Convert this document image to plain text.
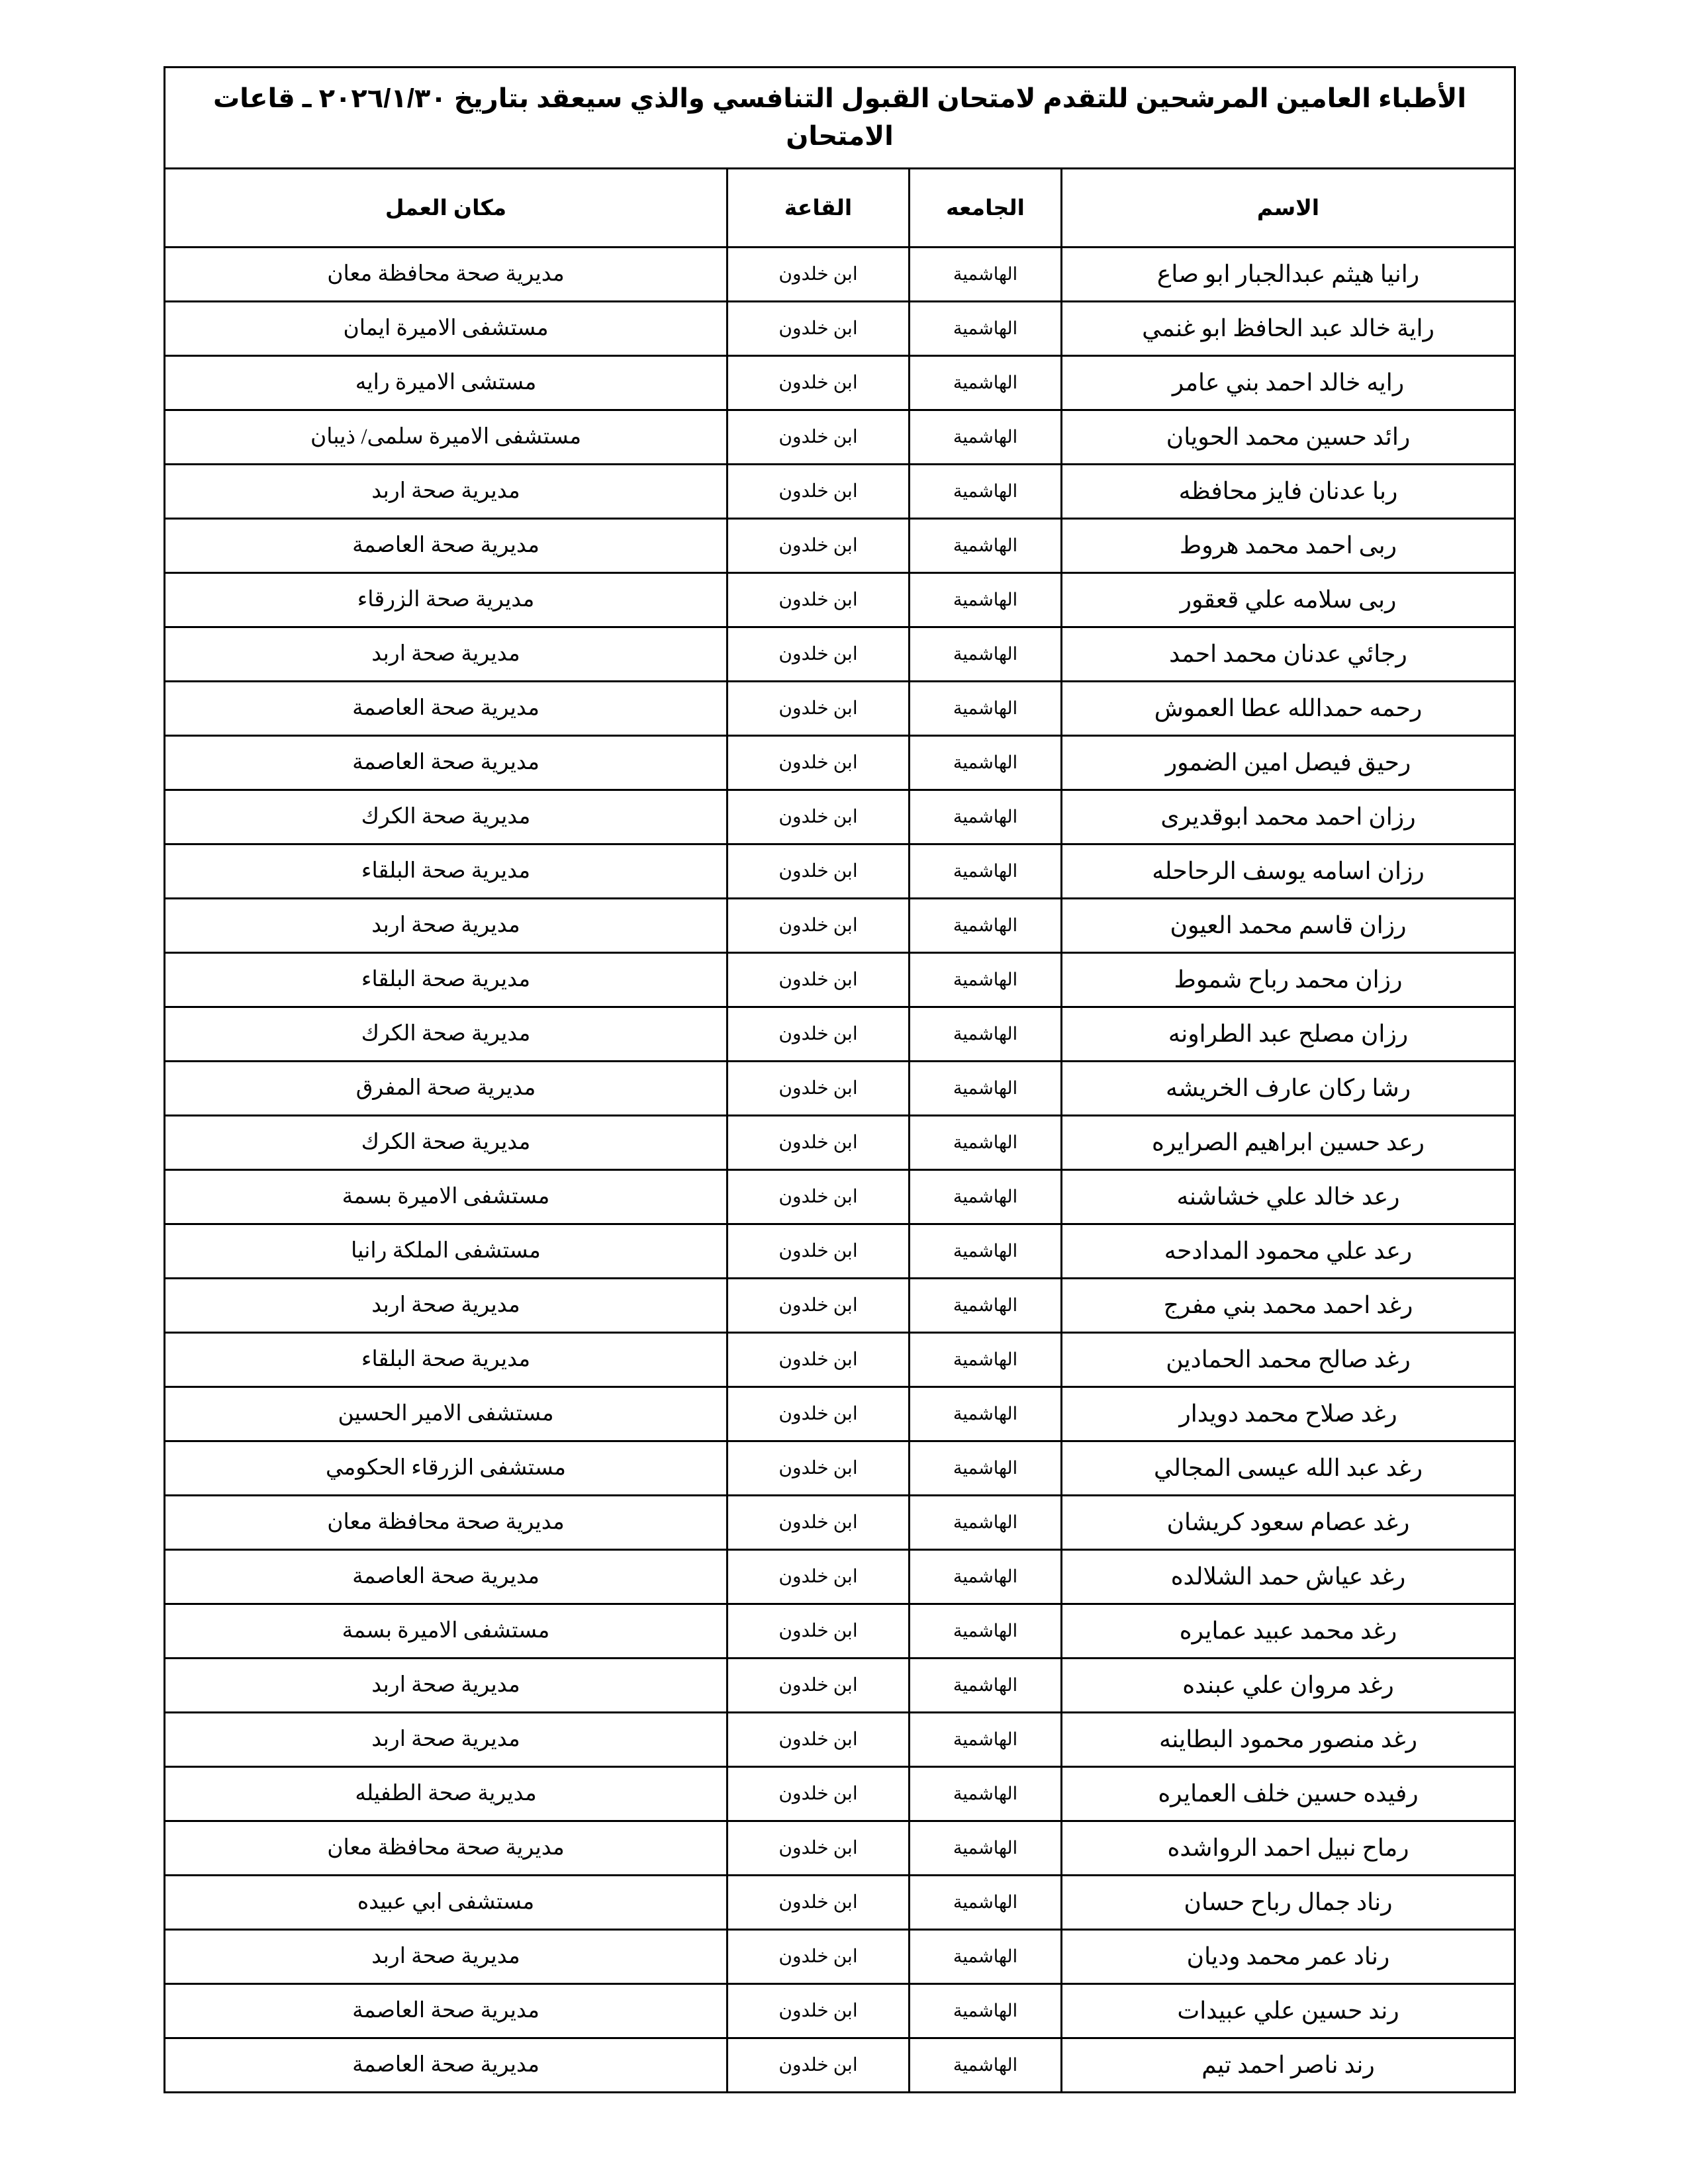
الأطباء العامين المرشحين للتقدم لامتحان القبول التنافسي والذي سيعقد بتاريخ ٢٠٢٦/١/٣٠ ـ قاعات الامتحان			

الاسم	الجامعه	القاعة	مكان العمل

رانيا هيثم عبدالجبار ابو صاع	الهاشمية	ابن خلدون	مديرية صحة محافظة معان

راية خالد عبد الحافظ ابو غنمي	الهاشمية	ابن خلدون	مستشفى الاميرة ايمان

رايه خالد احمد بني عامر	الهاشمية	ابن خلدون	مستشى الاميرة رايه

رائد حسين محمد الحويان	الهاشمية	ابن خلدون	مستشفى الاميرة سلمى/ ذيبان

ربا عدنان فايز محافظه	الهاشمية	ابن خلدون	مديرية صحة اربد

ربى احمد محمد هروط	الهاشمية	ابن خلدون	مديرية صحة العاصمة

ربى سلامه علي قعقور	الهاشمية	ابن خلدون	مديرية صحة الزرقاء

رجائي عدنان محمد احمد	الهاشمية	ابن خلدون	مديرية صحة اربد

رحمه حمدالله عطا العموش	الهاشمية	ابن خلدون	مديرية صحة العاصمة

رحيق فيصل امين الضمور	الهاشمية	ابن خلدون	مديرية صحة العاصمة

رزان احمد محمد ابوقديرى	الهاشمية	ابن خلدون	مديرية صحة الكرك

رزان اسامه يوسف الرحاحله	الهاشمية	ابن خلدون	مديرية صحة البلقاء

رزان قاسم محمد العيون	الهاشمية	ابن خلدون	مديرية صحة اربد

رزان محمد رباح شموط	الهاشمية	ابن خلدون	مديرية صحة البلقاء

رزان مصلح عبد الطراونه	الهاشمية	ابن خلدون	مديرية صحة الكرك

رشا ركان عارف الخريشه	الهاشمية	ابن خلدون	مديرية صحة المفرق

رعد حسين ابراهيم الصرايره	الهاشمية	ابن خلدون	مديرية صحة الكرك

رعد خالد علي خشاشنه	الهاشمية	ابن خلدون	مستشفى الاميرة بسمة

رعد علي محمود المدادحه	الهاشمية	ابن خلدون	مستشفى الملكة رانيا

رغد احمد محمد بني مفرج	الهاشمية	ابن خلدون	مديرية صحة اربد

رغد صالح محمد الحمادين	الهاشمية	ابن خلدون	مديرية صحة البلقاء

رغد صلاح محمد دويدار	الهاشمية	ابن خلدون	مستشفى الامير الحسين

رغد عبد الله عيسى المجالي	الهاشمية	ابن خلدون	مستشفى الزرقاء الحكومي

رغد عصام سعود كريشان	الهاشمية	ابن خلدون	مديرية صحة محافظة معان

رغد عياش حمد الشلالده	الهاشمية	ابن خلدون	مديرية صحة العاصمة

رغد محمد عبيد عمايره	الهاشمية	ابن خلدون	مستشفى الاميرة بسمة

رغد مروان علي عبنده	الهاشمية	ابن خلدون	مديرية صحة اربد

رغد منصور محمود البطاينه	الهاشمية	ابن خلدون	مديرية صحة اربد

رفيده حسين خلف العمايره	الهاشمية	ابن خلدون	مديرية صحة الطفيله

رماح نبيل احمد الرواشده	الهاشمية	ابن خلدون	مديرية صحة محافظة معان

رناد جمال رباح حسان	الهاشمية	ابن خلدون	مستشفى ابي عبيده

رناد عمر محمد وديان	الهاشمية	ابن خلدون	مديرية صحة اربد

رند حسين علي عبيدات	الهاشمية	ابن خلدون	مديرية صحة العاصمة

رند ناصر احمد تيم	الهاشمية	ابن خلدون	مديرية صحة العاصمة
